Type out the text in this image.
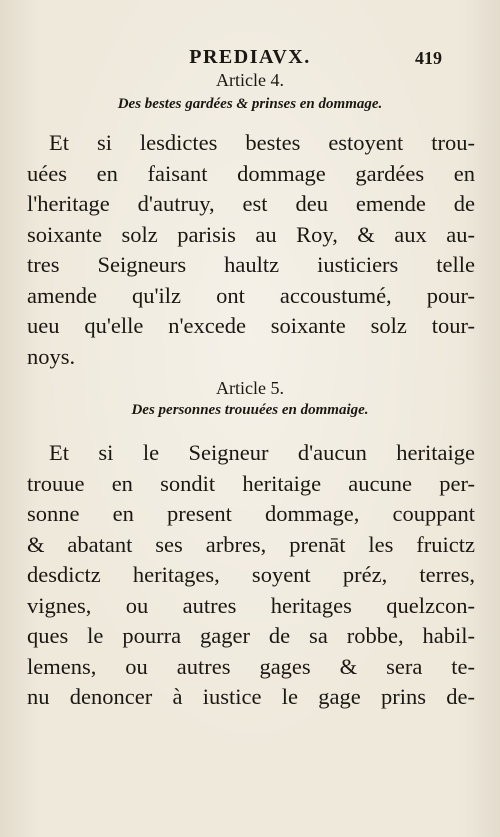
PREDIAVX.	419
Article 4.
Des bestes gardées & prinses en dommage.
Et si lesdictes bestes estoyent trou-
uées en faisant dommage gardées en
l'heritage d'autruy, est deu emende de
soixante solz parisis au Roy, & aux au-
tres Seigneurs haultz iusticiers telle
amende qu'ilz ont accoustumé, pour-
ueu qu'elle n'excede soixante solz tour-
noys.
Article 5.
Des personnes trouuées en dommaige.
Et si le Seigneur d'aucun heritaige
trouue en sondit heritaige aucune per-
sonne en present dommage, couppant
& abatant ses arbres, prenāt les fruictz
desdictz heritages, soyent préz, terres,
vignes, ou autres heritages quelzcon-
ques le pourra gager de sa robbe, habil-
lemens, ou autres gages & sera te-
nu denoncer à iustice le gage prins de-
